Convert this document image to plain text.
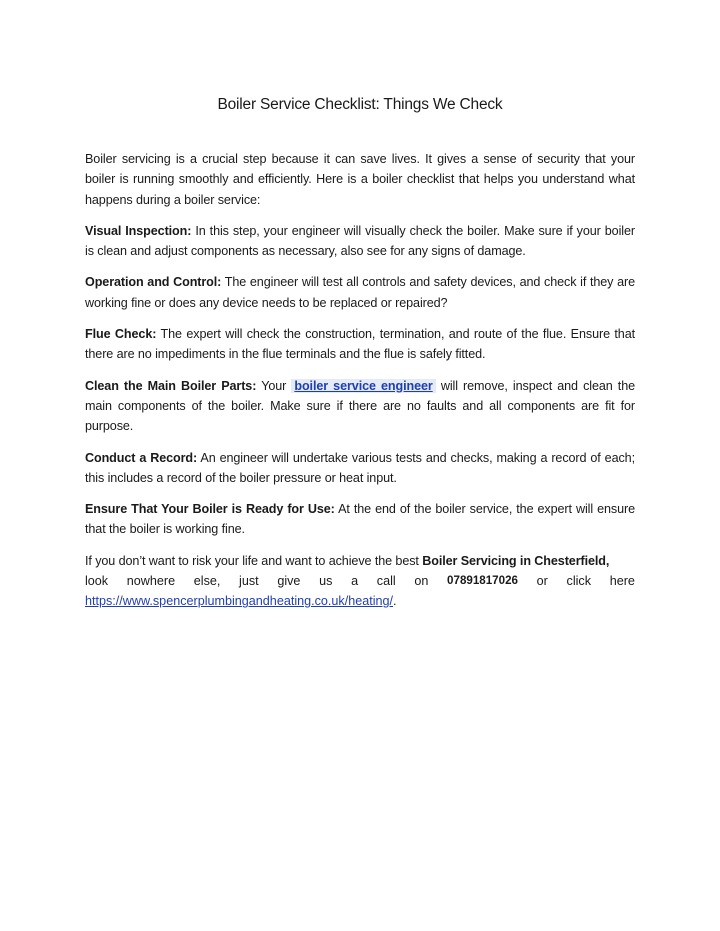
Boiler Service Checklist: Things We Check

Boiler servicing is a crucial step because it can save lives. It gives a sense of security that your boiler is running smoothly and efficiently. Here is a boiler checklist that helps you understand what happens during a boiler service:

Visual Inspection: In this step, your engineer will visually check the boiler. Make sure if your boiler is clean and adjust components as necessary, also see for any signs of damage.

Operation and Control: The engineer will test all controls and safety devices, and check if they are working fine or does any device needs to be replaced or repaired?

Flue Check: The expert will check the construction, termination, and route of the flue. Ensure that there are no impediments in the flue terminals and the flue is safely fitted.

Clean the Main Boiler Parts: Your boiler service engineer will remove, inspect and clean the main components of the boiler. Make sure if there are no faults and all components are fit for purpose.

Conduct a Record: An engineer will undertake various tests and checks, making a record of each; this includes a record of the boiler pressure or heat input.

Ensure That Your Boiler is Ready for Use: At the end of the boiler service, the expert will ensure that the boiler is working fine.

If you don’t want to risk your life and want to achieve the best Boiler Servicing in Chesterfield,

look nowhere else, just give us a call on 07891817026 or click here
https://www.spencerplumbingandheating.co.uk/heating/.
